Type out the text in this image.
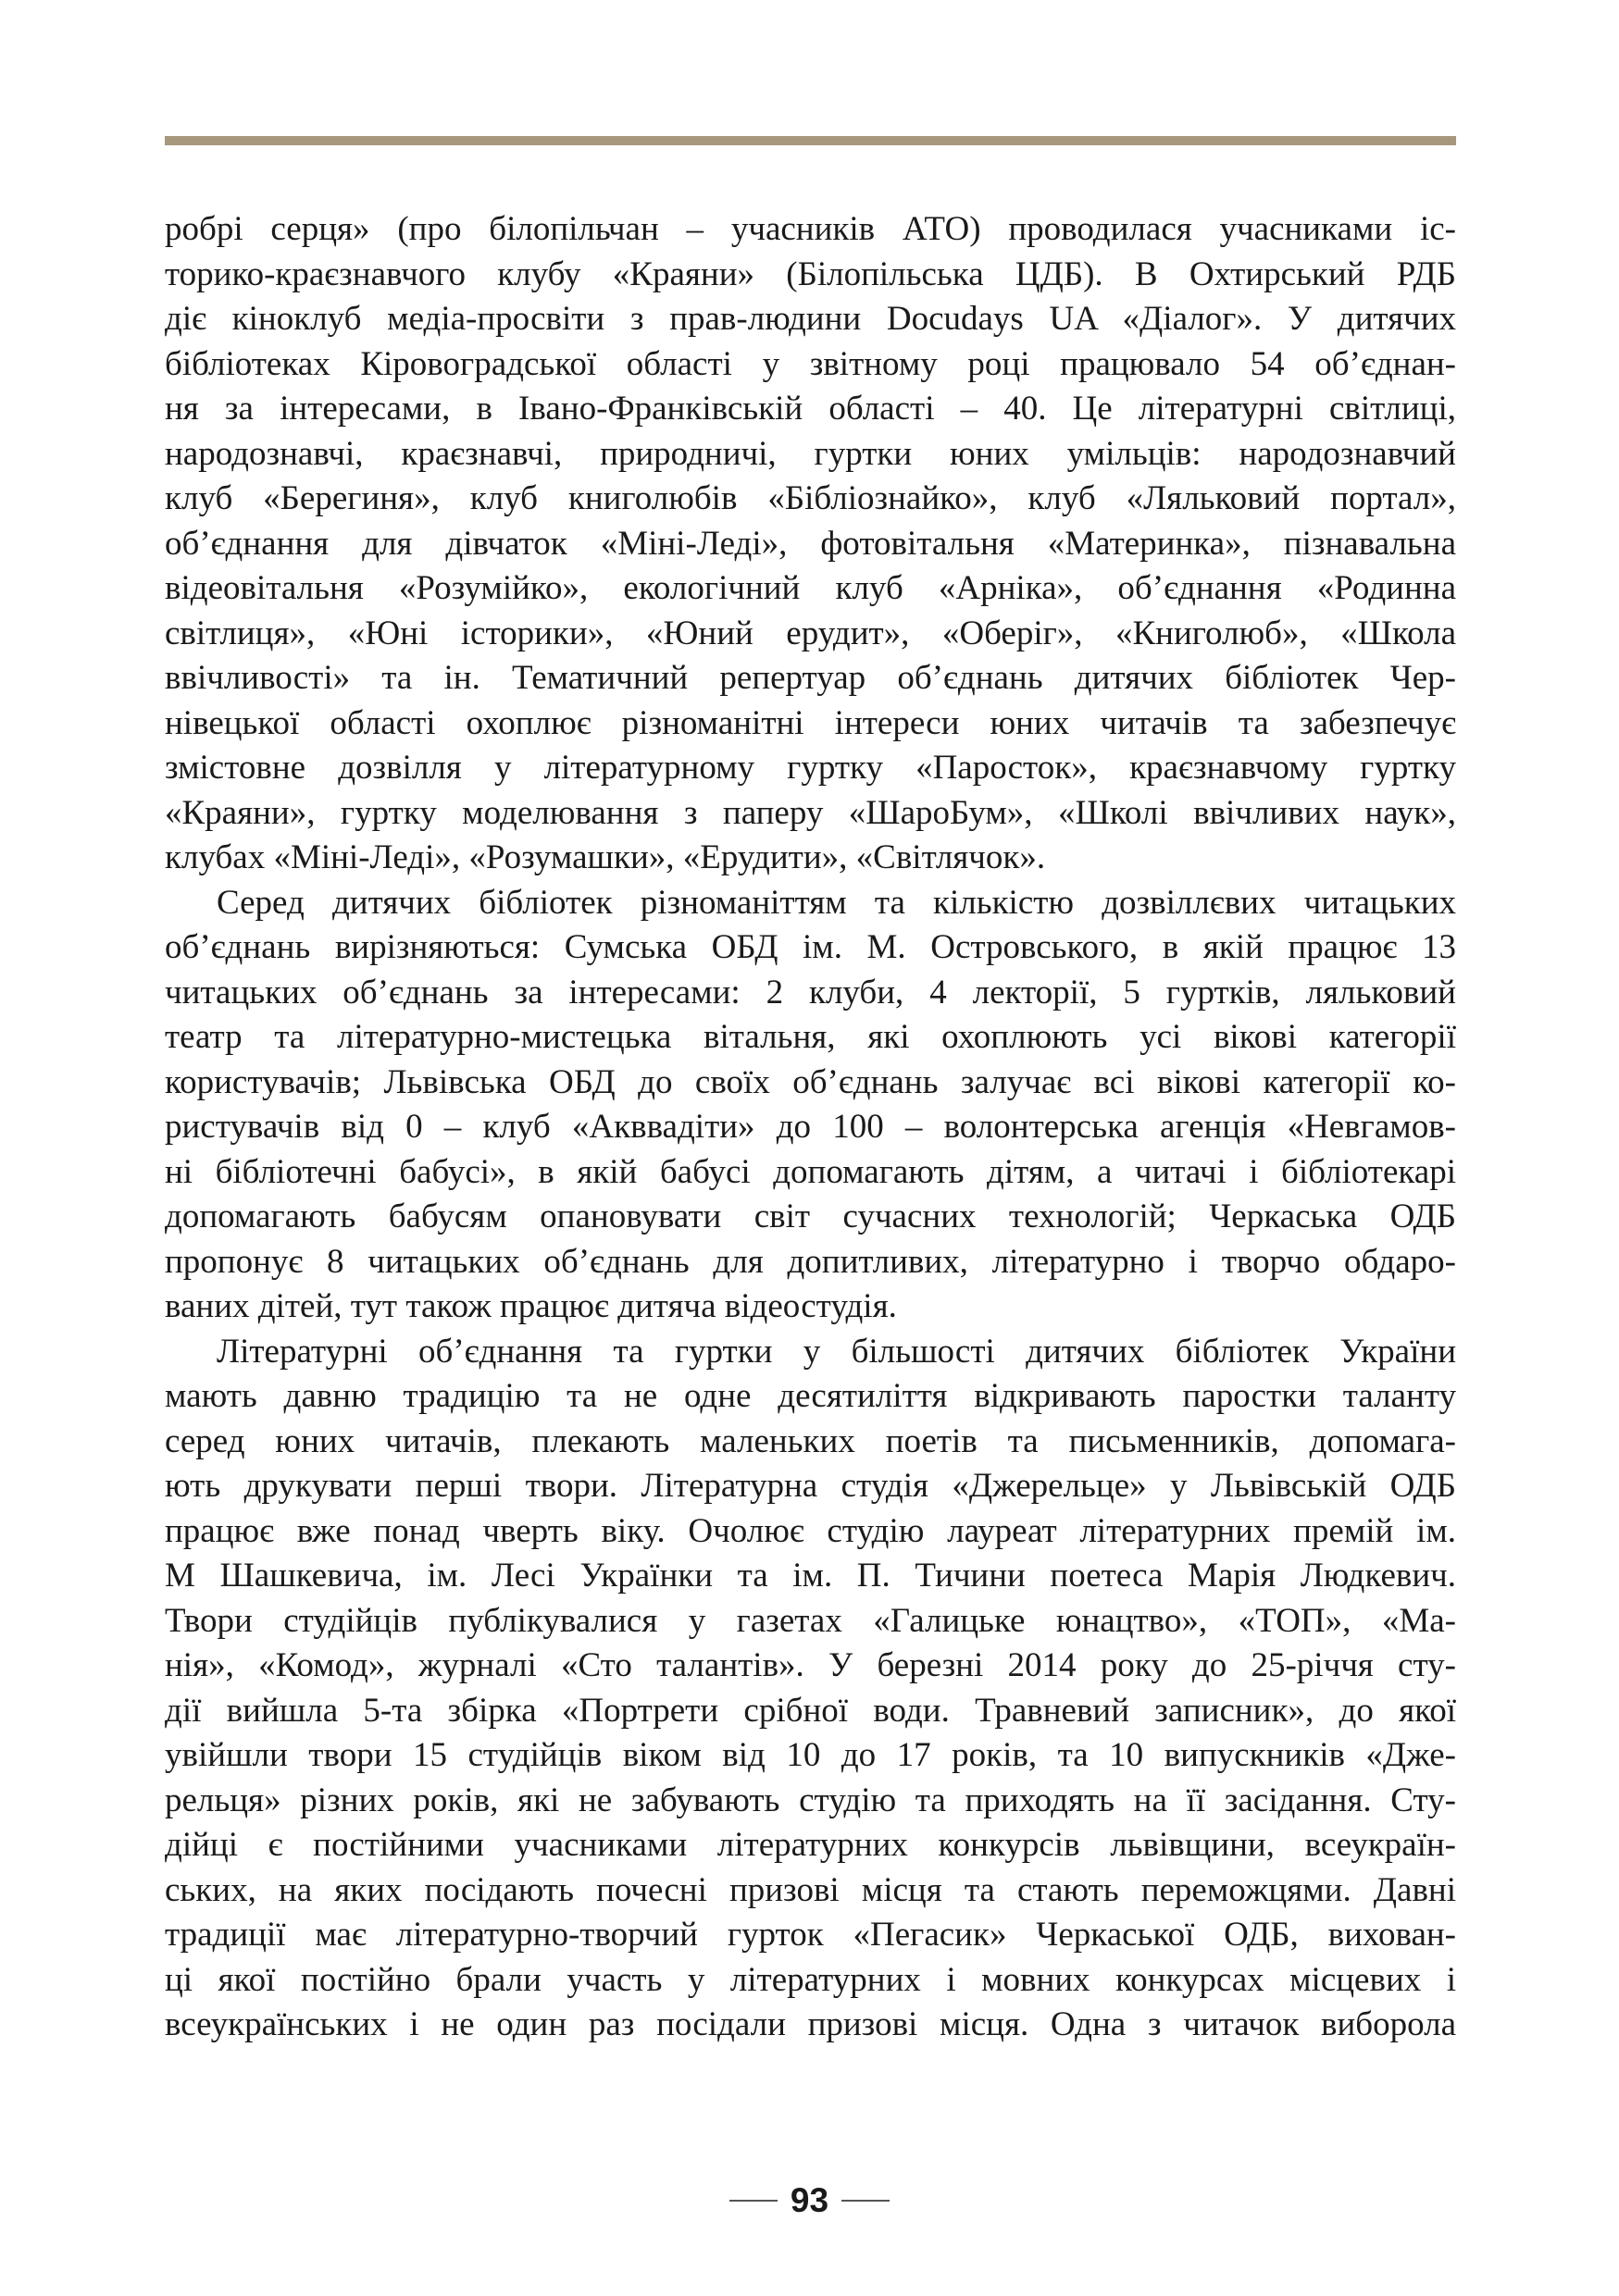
робрі серця» (про білопільчан – учасників АТО) проводилася учасниками іс-

торико-краєзнавчого клубу «Краяни» (Білопільська ЦДБ). В Охтирський РДБ

діє кіноклуб медіа-просвіти з прав-людини Docudays UA «Діалог». У дитячих

бібліотеках Кіровоградської області у звітному році працювало 54 об’єднан-

ня за інтересами, в Івано-Франківській області – 40. Це літературні світлиці,

народознавчі, краєзнавчі, природничі, гуртки юних умільців: народознавчий

клуб «Берегиня», клуб книголюбів «Бібліознайко», клуб «Ляльковий портал»,

об’єднання для дівчаток «Міні-Леді», фотовітальня «Материнка», пізнавальна

відеовітальня «Розумійко», екологічний клуб «Арніка», об’єднання «Родинна

світлиця», «Юні історики», «Юний ерудит», «Оберіг», «Книголюб», «Школа

ввічливості» та ін. Тематичний репертуар об’єднань дитячих бібліотек Чер-

нівецької області охоплює різноманітні інтереси юних читачів та забезпечує

змістовне дозвілля у літературному гуртку «Паросток», краєзнавчому гуртку

«Краяни», гуртку моделювання з паперу «ШароБум», «Школі ввічливих наук»,

клубах «Міні-Леді», «Розумашки», «Ерудити», «Світлячок».

Серед дитячих бібліотек різноманіттям та кількістю дозвіллєвих читацьких

об’єднань вирізняються: Сумська ОБД ім. М. Островського, в якій працює 13

читацьких об’єднань за інтересами: 2 клуби, 4 лекторії, 5 гуртків, ляльковий

театр та літературно-мистецька вітальня, які охоплюють усі вікові категорії

користувачів; Львівська ОБД до своїх об’єднань залучає всі вікові категорії ко-

ристувачів від 0 – клуб «Акввадіти» до 100 – волонтерська агенція «Невгамов-

ні бібліотечні бабусі», в якій бабусі допомагають дітям, а читачі і бібліотекарі

допомагають бабусям опановувати світ сучасних технологій; Черкаська ОДБ

пропонує 8 читацьких об’єднань для допитливих, літературно і творчо обдаро-

ваних дітей, тут також працює дитяча відеостудія.

Літературні об’єднання та гуртки у більшості дитячих бібліотек України

мають давню традицію та не одне десятиліття відкривають паростки таланту

серед юних читачів, плекають маленьких поетів та письменників, допомага-

ють друкувати перші твори. Літературна студія «Джерельце» у Львівській ОДБ

працює вже понад чверть віку. Очолює студію лауреат літературних премій ім.

М Шашкевича, ім. Лесі Українки та ім. П. Тичини поетеса Марія Людкевич.

Твори студійців публікувалися у газетах «Галицьке юнацтво», «ТОП», «Ма-

нія», «Комод», журналі «Сто талантів». У березні 2014 року до 25-річчя сту-

дії вийшла 5-та збірка «Портрети срібної води. Травневий записник», до якої

увійшли твори 15 студійців віком від 10 до 17 років, та 10 випускників «Дже-

рельця» різних років, які не забувають студію та приходять на її засідання. Сту-

дійці є постійними учасниками літературних конкурсів львівщини, всеукраїн-

ських, на яких посідають почесні призові місця та стають переможцями. Давні

традиції має літературно-творчий гурток «Пегасик» Черкаської ОДБ, вихован-

ці якої постійно брали участь у літературних і мовних конкурсах місцевих і

всеукраїнських і не один раз посідали призові місця. Одна з читачок виборола

93
